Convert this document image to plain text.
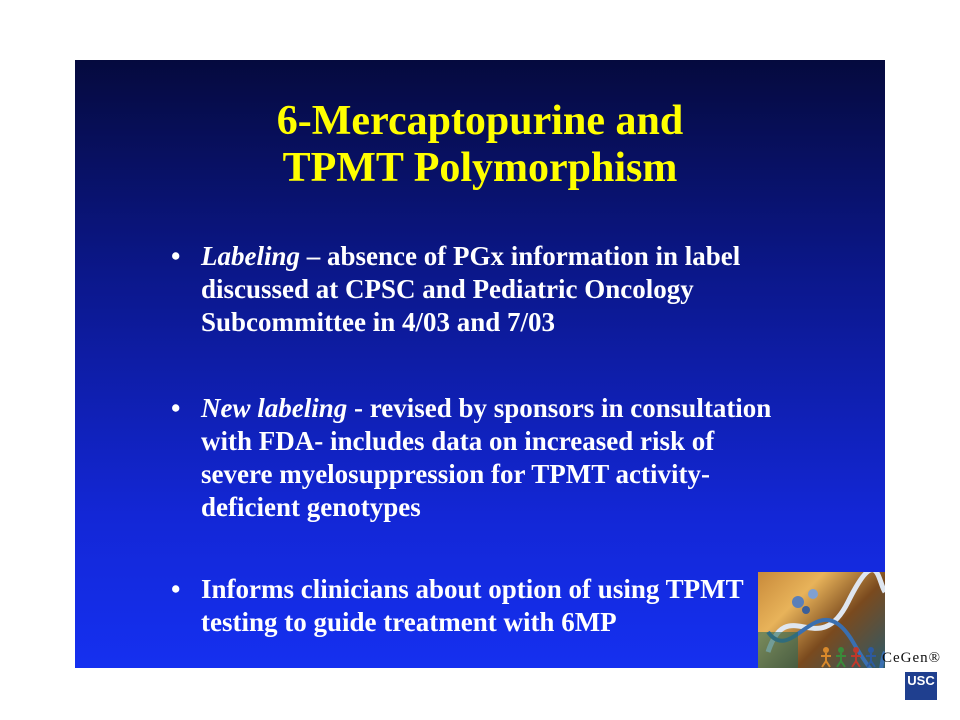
6-Mercaptopurine and
TPMT Polymorphism
• Labeling – absence of PGx information in label discussed at CPSC and Pediatric Oncology Subcommittee in 4/03 and 7/03
• New labeling - revised by sponsors in consultation with FDA- includes data on increased risk of severe myelosuppression for TPMT activity-deficient genotypes
• Informs clinicians about option of using TPMT testing to guide treatment with 6MP
CeGen®
USC
